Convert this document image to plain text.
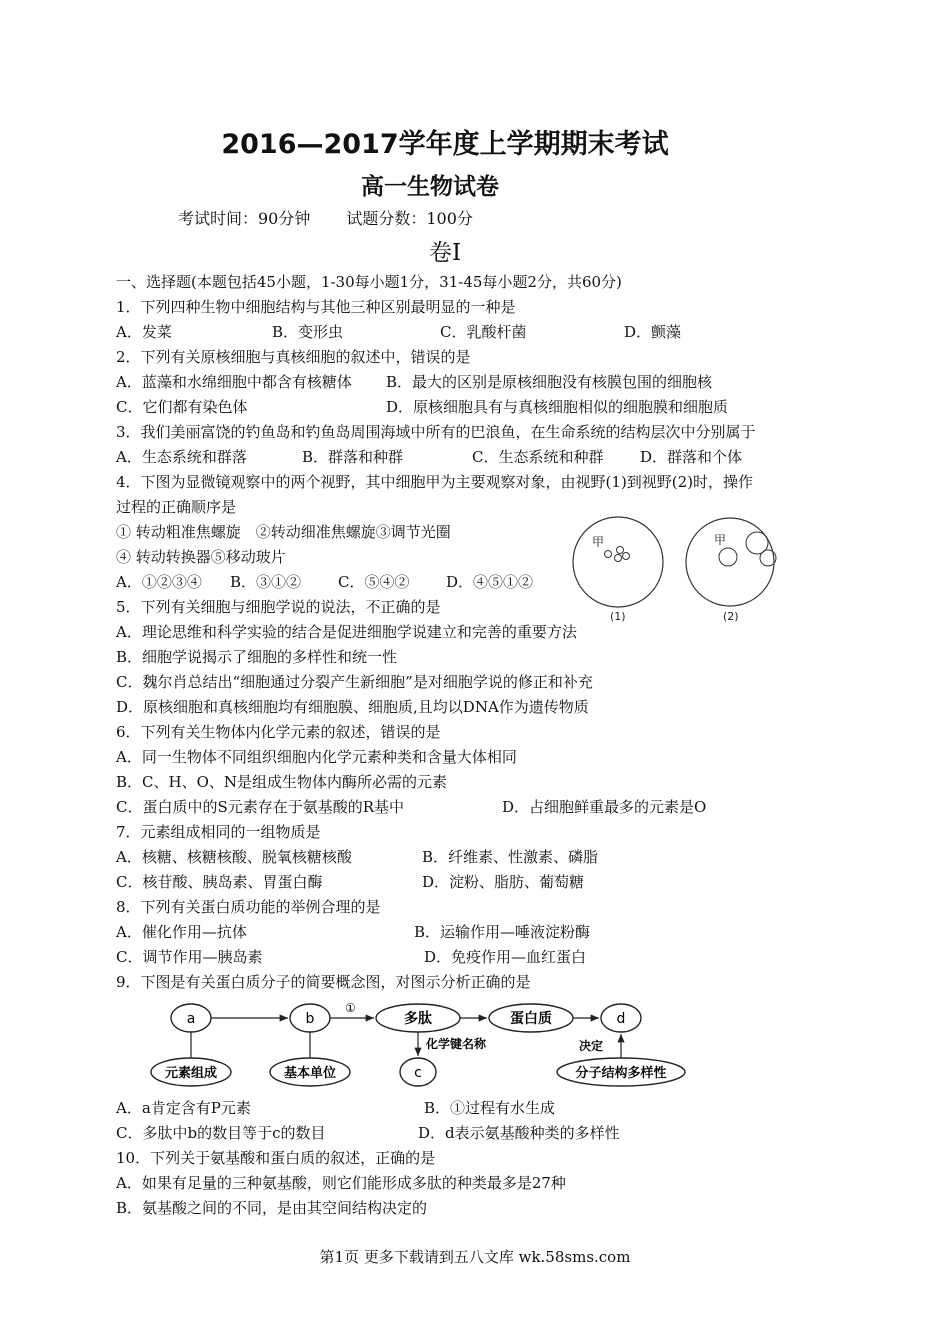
2016—2017学年度上学期期末考试
高一生物试卷
考试时间：90分钟 试题分数：100分
卷Ⅰ
一、选择题(本题包括45小题，1-30每小题1分，31-45每小题2分，共60分)
1．下列四种生物中细胞结构与其他三种区别最明显的一种是
A．发菜	B．变形虫	C．乳酸杆菌	D．颤藻
2．下列有关原核细胞与真核细胞的叙述中，错误的是
A．蓝藻和水绵细胞中都含有核糖体 B．最大的区别是原核细胞没有核膜包围的细胞核
C．它们都有染色体	D．原核细胞具有与真核细胞相似的细胞膜和细胞质
3．我们美丽富饶的钓鱼岛和钓鱼岛周围海域中所有的巴浪鱼，在生命系统的结构层次中分别属于
A．生态系统和群落	B．群落和种群	C．生态系统和种群 D．群落和个体
4．下图为显微镜观察中的两个视野，其中细胞甲为主要观察对象，由视野(1)到视野(2)时，操作
过程的正确顺序是
① 转动粗准焦螺旋　②转动细准焦螺旋③调节光圈
④ 转动转换器⑤移动玻片
A．①②③④ B．③①② C．⑤④② D．④⑤①②
甲
(1)
甲
(2)
5．下列有关细胞与细胞学说的说法，不正确的是
A．理论思维和科学实验的结合是促进细胞学说建立和完善的重要方法
B．细胞学说揭示了细胞的多样性和统一性
C．魏尔肖总结出“细胞通过分裂产生新细胞”是对细胞学说的修正和补充
D．原核细胞和真核细胞均有细胞膜、细胞质,且均以DNA作为遗传物质
6．下列有关生物体内化学元素的叙述，错误的是
A．同一生物体不同组织细胞内化学元素种类和含量大体相同
B．C、H、O、N是组成生物体内酶所必需的元素
C．蛋白质中的S元素存在于氨基酸的R基中	D．占细胞鲜重最多的元素是O
7．元素组成相同的一组物质是
A．核糖、核糖核酸、脱氧核糖核酸	B．纤维素、性激素、磷脂
C．核苷酸、胰岛素、胃蛋白酶	D．淀粉、脂肪、葡萄糖
8．下列有关蛋白质功能的举例合理的是
A．催化作用—抗体	B．运输作用—唾液淀粉酶
C．调节作用—胰岛素	D．免疫作用—血红蛋白
9．下图是有关蛋白质分子的简要概念图，对图示分析正确的是
a	b	多肽	蛋白质	d
c
元素组成	基本单位	分子结构多样性
①
化学键名称	决定
A．a肯定含有P元素	B．①过程有水生成
C．多肽中b的数目等于c的数目	D．d表示氨基酸种类的多样性
10．下列关于氨基酸和蛋白质的叙述，正确的是
A．如果有足量的三种氨基酸，则它们能形成多肽的种类最多是27种
B．氨基酸之间的不同，是由其空间结构决定的
第1页 更多下载请到五八文库 wk.58sms.com
